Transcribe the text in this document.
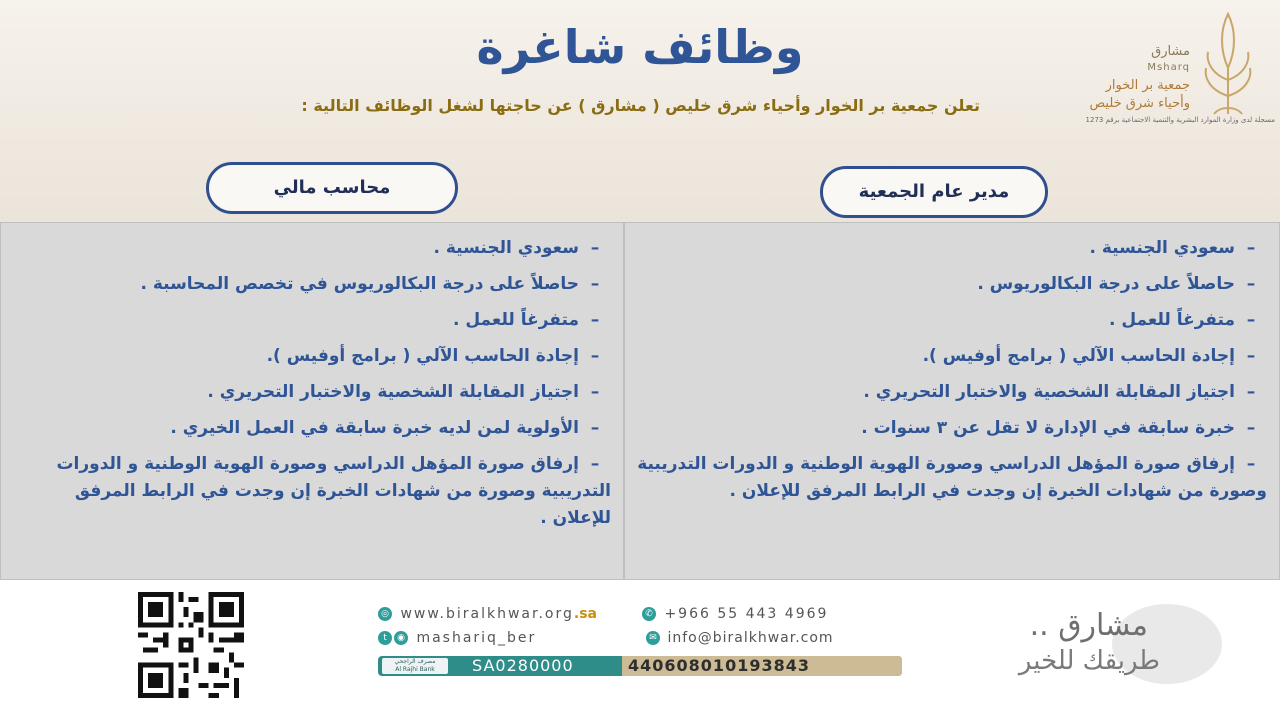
وظائف شاغرة
تعلن جمعية بر الخوار وأحياء شرق خليص ( مشارق ) عن حاجتها لشغل الوظائف التالية :
مشارق
Msharq
جمعية بر الخوار
وأحياء شرق خليص
مسجلة لدى وزارة الموارد البشرية والتنمية الاجتماعية برقم 1273
محاسب مالي	مدير عام الجمعية
–سعودي الجنسية .
–حاصلاً على درجة البكالوريوس في تخصص المحاسبة .
–متفرغاً للعمل .
–إجادة الحاسب الآلي ( برامج أوفيس ).
–اجتياز المقابلة الشخصية والاختبار التحريري .
–الأولوية لمن لديه خبرة سابقة في العمل الخيري .
–إرفاق صورة المؤهل الدراسي وصورة الهوية الوطنية و الدورات التدريبية وصورة من شهادات الخبرة إن وجدت في الرابط المرفق للإعلان .
–سعودي الجنسية .
–حاصلاً على درجة البكالوريوس .
–متفرغاً للعمل .
–إجادة الحاسب الآلي ( برامج أوفيس ).
–اجتياز المقابلة الشخصية والاختبار التحريري .
–خبرة سابقة في الإدارة لا تقل عن ٣ سنوات .
–إرفاق صورة المؤهل الدراسي وصورة الهوية الوطنية و الدورات التدريبية وصورة من شهادات الخبرة إن وجدت في الرابط المرفق للإعلان .
◎ www.biralkhwar.org.sa	✆ +966 55 443 4969
t ◉ mashariq_ber	✉ info@biralkhwar.com
مصرف الراجحي
Al Rajhi Bank	SA0280000	440608010193843
مشارق ..
طريقك للخير
